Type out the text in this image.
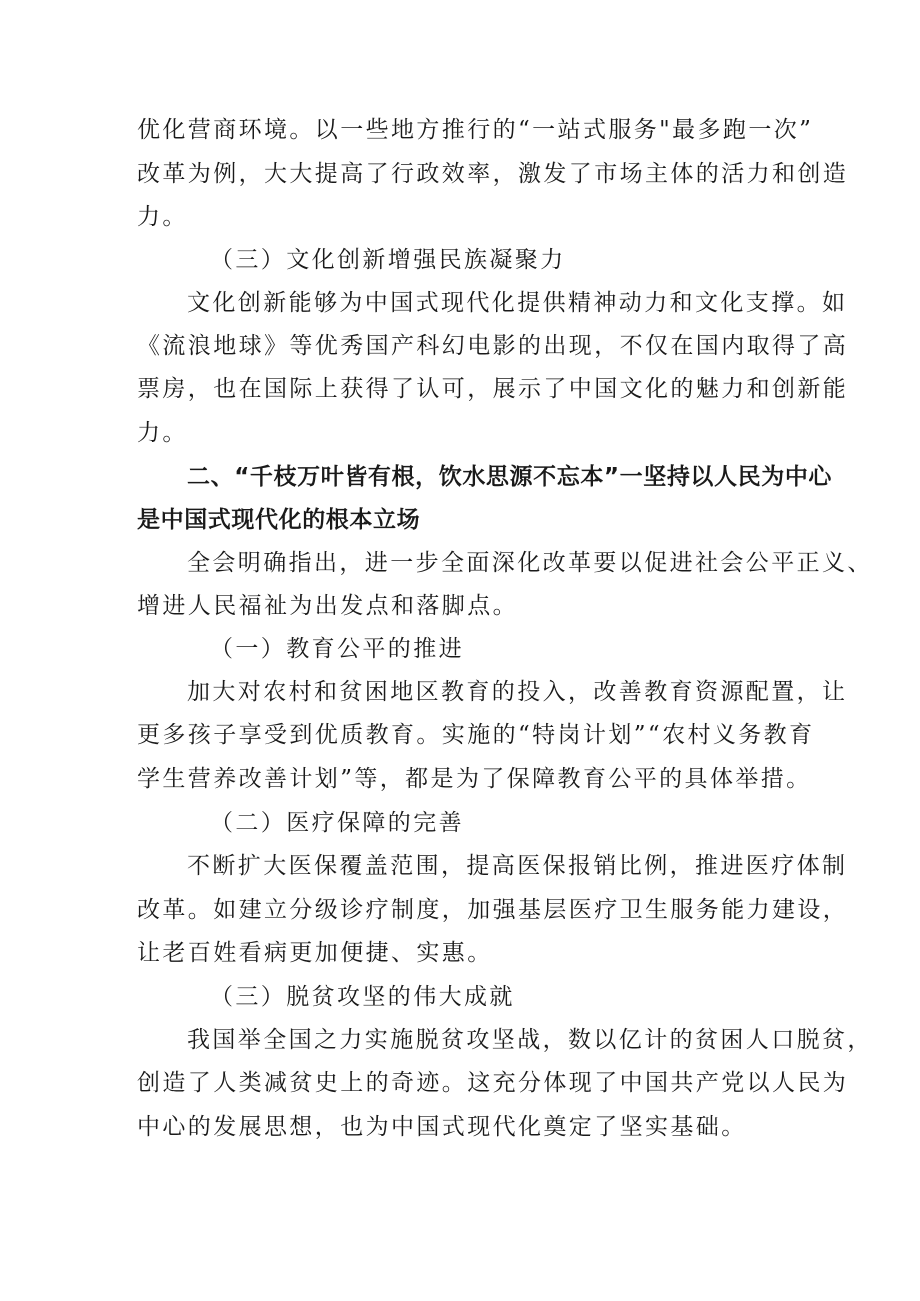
优化营商环境。以一些地方推行的“一站式服务"最多跑一次”
改革为例，大大提高了行政效率，激发了市场主体的活力和创造
力。
（三）文化创新增强民族凝聚力
文化创新能够为中国式现代化提供精神动力和文化支撑。如
《流浪地球》等优秀国产科幻电影的出现，不仅在国内取得了高
票房，也在国际上获得了认可，展示了中国文化的魅力和创新能
力。
二、“千枝万叶皆有根，饮水思源不忘本”一坚持以人民为中心
是中国式现代化的根本立场
全会明确指出，进一步全面深化改革要以促进社会公平正义、
增进人民福祉为出发点和落脚点。
（一）教育公平的推进
加大对农村和贫困地区教育的投入，改善教育资源配置，让
更多孩子享受到优质教育。实施的“特岗计划”“农村义务教育
学生营养改善计划”等，都是为了保障教育公平的具体举措。
（二）医疗保障的完善
不断扩大医保覆盖范围，提高医保报销比例，推进医疗体制
改革。如建立分级诊疗制度，加强基层医疗卫生服务能力建设，
让老百姓看病更加便捷、实惠。
（三）脱贫攻坚的伟大成就
我国举全国之力实施脱贫攻坚战，数以亿计的贫困人口脱贫，
创造了人类减贫史上的奇迹。这充分体现了中国共产党以人民为
中心的发展思想，也为中国式现代化奠定了坚实基础。
